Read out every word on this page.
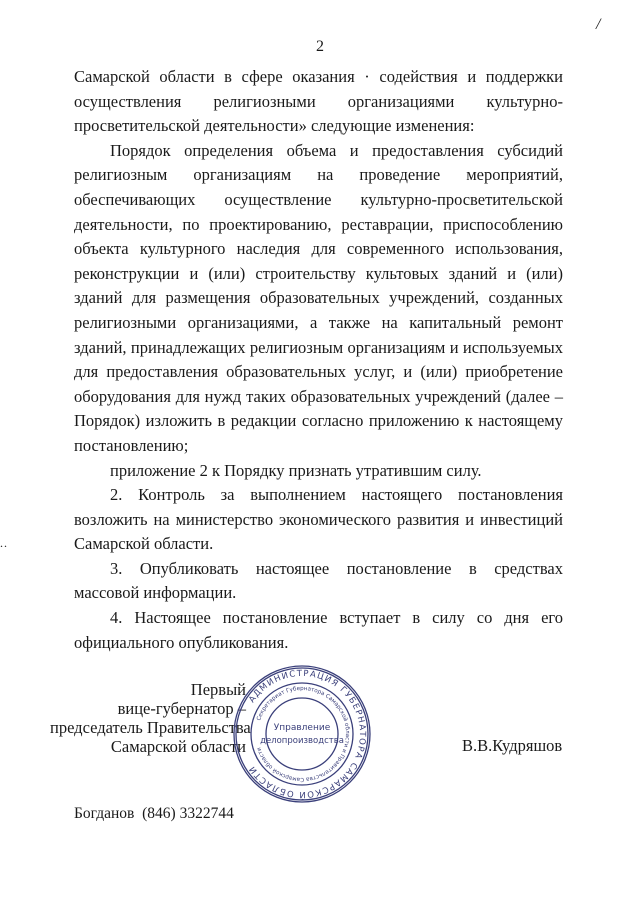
2
/
..

Самарской области в сфере оказания · содействия и поддержки осуществления религиозными организациями культурно-просветительской деятельности» следующие изменения:

Порядок определения объема и предоставления субсидий религиозным организациям на проведение мероприятий, обеспечивающих осуществление культурно-просветительской деятельности, по проектированию, реставрации, приспособлению объекта культурного наследия для современного использования, реконструкции и (или) строительству культовых зданий и (или) зданий для размещения образовательных учреждений, созданных религиозными организациями, а также на капитальный ремонт зданий, принадлежащих религиозным организациям и используемых для предоставления образовательных услуг, и (или) приобретение оборудования для нужд таких образовательных учреждений (далее – Порядок) изложить в редакции согласно приложению к настоящему постановлению;

приложение 2 к Порядку признать утратившим силу.

2. Контроль за выполнением настоящего постановления возложить на министерство экономического развития и инвестиций Самарской области.

3. Опубликовать настоящее постановление в средствах массовой информации.

4. Настоящее постановление вступает в силу со дня его официального опубликования.

Первый
вице-губернатор –
председатель Правительства
Самарской области
АДМИНИСТРАЦИЯ ГУБЕРНАТОРА САМАРСКОЙ ОБЛАСТИ
Секретариат Губернатора Самарской области и Правительства Самарской области
Управление
делопроизводства	В.В.Кудряшов
Богданов  (846) 3322744
